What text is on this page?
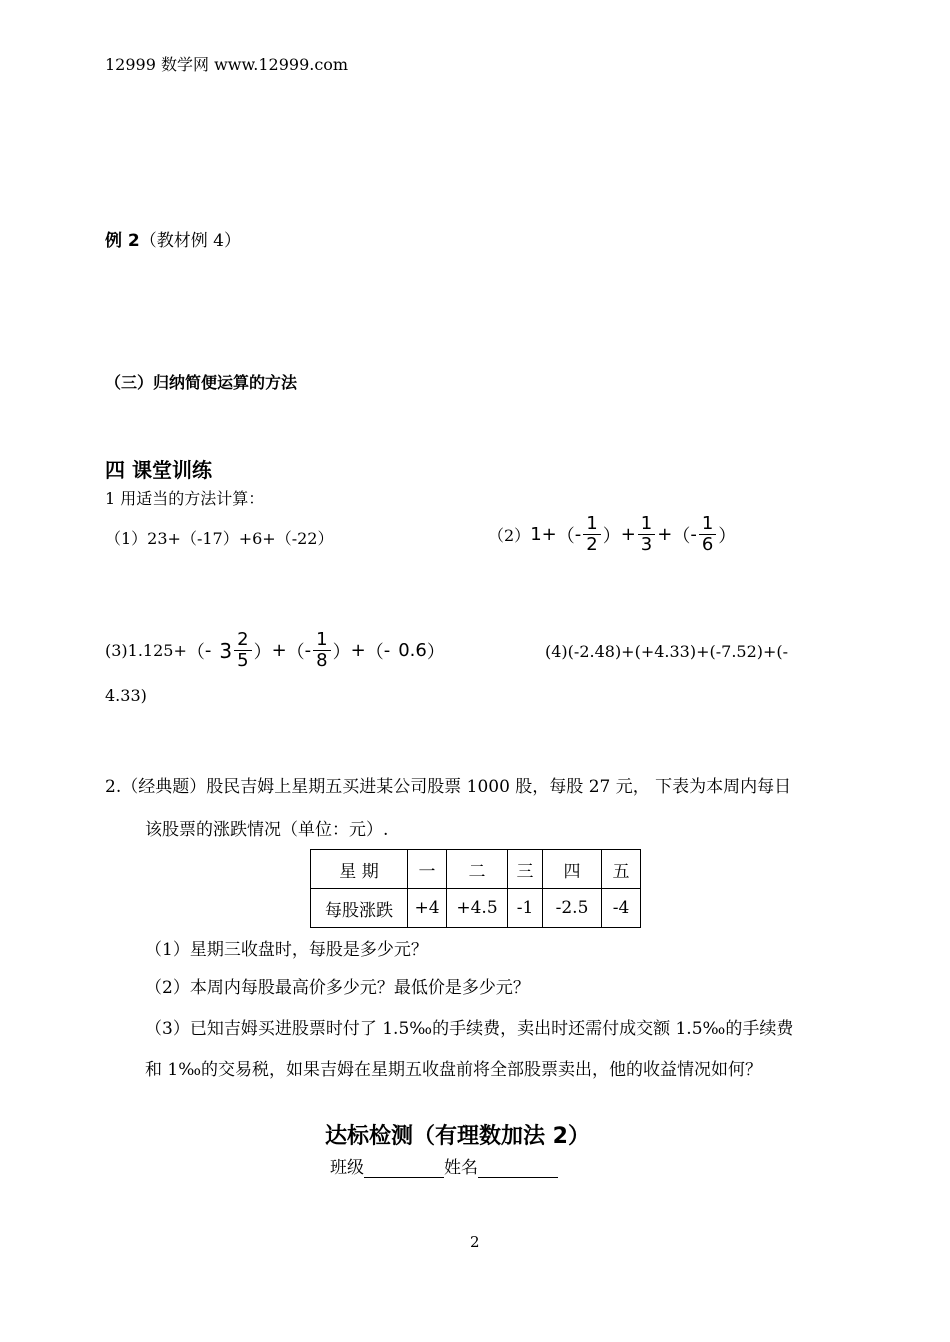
12999 数学网 www.12999.com
例 2（教材例 4）
（三）归纳简便运算的方法
四 课堂训练
1 用适当的方法计算：
（1）23+（-17）+6+（-22）	（2） 1 + （ - $\frac{1}{2}$ ） + $\frac{1}{3}$ + （ - $\frac{1}{6}$ ）
(3)1.125+ （ - $3 \frac{2}{5}$ ） + （ - $\frac{1}{8}$ ） + （ - 0.6 ）	(4)(-2.48)+(+4.33)+(-7.52)+(-
4.33)
2.（经典题）股民吉姆上星期五买进某公司股票 1000 股，每股 27 元， 下表为本周内每日
该股票的涨跌情况（单位：元）.
星 期	一	二	三	四	五
每股涨跌	+4	+4.5	-1	-2.5	-4
（1）星期三收盘时，每股是多少元？
（2）本周内每股最高价多少元？最低价是多少元？
（3）已知吉姆买进股票时付了 1.5‰的手续费，卖出时还需付成交额 1.5‰的手续费
和 1‰的交易税，如果吉姆在星期五收盘前将全部股票卖出，他的收益情况如何？
达标检测（有理数加法 2）
班级	姓名
2
